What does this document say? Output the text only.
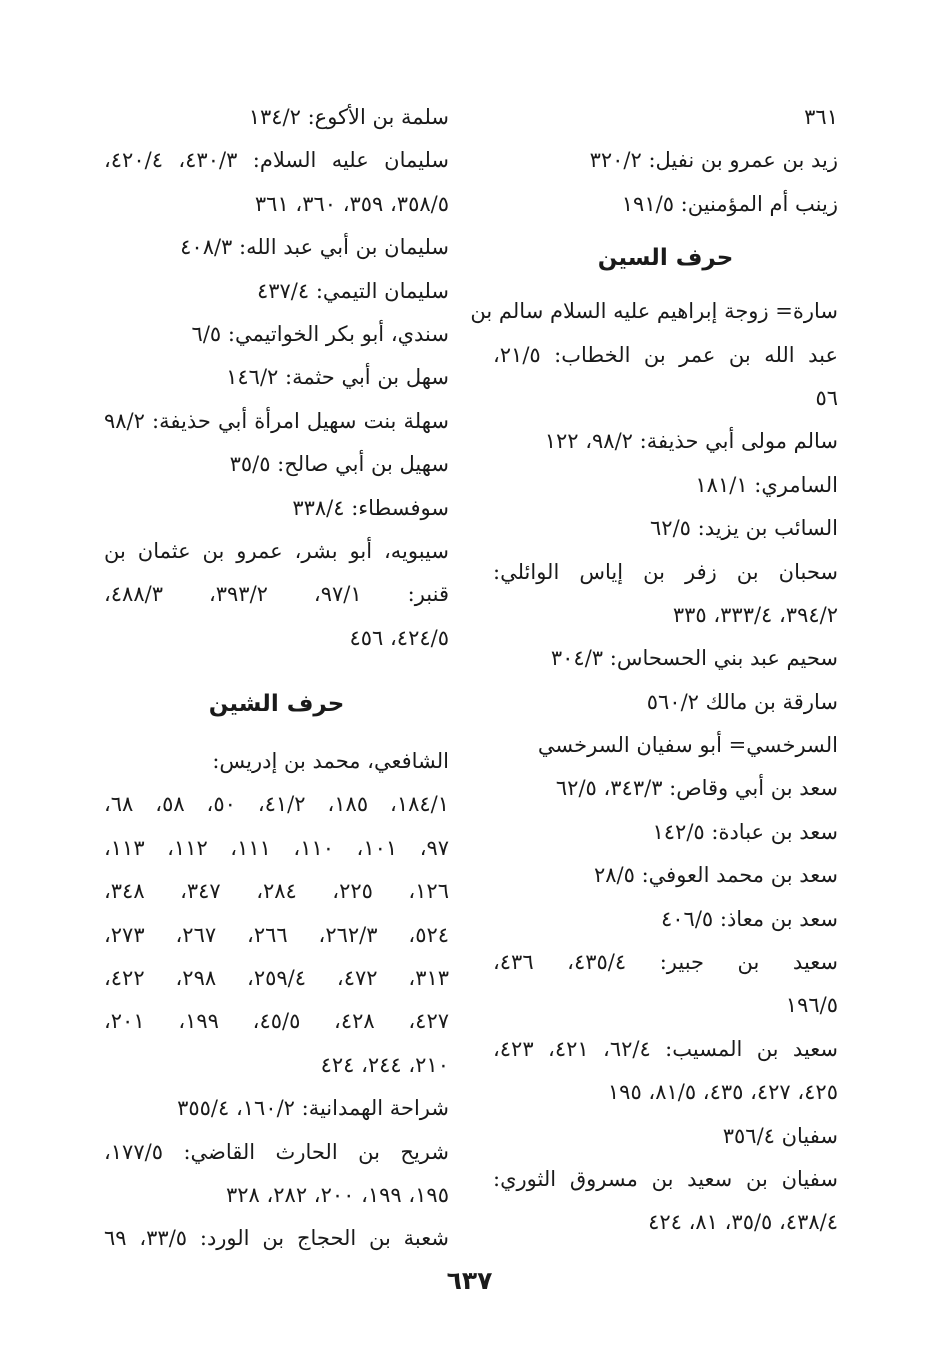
٣٦١
زيد بن عمرو بن نفيل: ٣٢٠/٢
زينب أم المؤمنين: ١٩١/٥
حرف السين
سارة= زوجة إبراهيم عليه السلام سالم بن
عبد الله بن عمر بن الخطاب: ٢١/٥،
٥٦
سالم مولى أبي حذيفة: ٩٨/٢، ١٢٢
السامري: ١٨١/١
السائب بن يزيد: ٦٢/٥
سحبان بن زفر بن إياس الوائلي:
٣٩٤/٢، ٣٣٣/٤، ٣٣٥
سحيم عبد بني الحسحاس: ٣٠٤/٣
سارقة بن مالك ٥٦٠/٢
السرخسي= أبو سفيان السرخسي
سعد بن أبي وقاص: ٣٤٣/٣، ٦٢/٥
سعد بن عبادة: ١٤٢/٥
سعد بن محمد العوفي: ٢٨/٥
سعد بن معاذ: ٤٠٦/٥
سعيد بن جبير: ٤٣٥/٤، ٤٣٦،
١٩٦/٥
سعيد بن المسيب: ٦٢/٤، ٤٢١، ٤٢٣،
٤٢٥، ٤٢٧، ٤٣٥، ٨١/٥، ١٩٥
سفيان ٣٥٦/٤
سفيان بن سعيد بن مسروق الثوري:
٤٣٨/٤، ٣٥/٥، ٨١، ٤٢٤
سلمة بن الأكوع: ١٣٤/٢
سليمان عليه السلام: ٤٣٠/٣، ٤٢٠/٤،
٣٥٨/٥، ٣٥٩، ٣٦٠، ٣٦١
سليمان بن أبي عبد الله: ٤٠٨/٣
سليمان التيمي: ٤٣٧/٤
سندي، أبو بكر الخواتيمي: ٦/٥
سهل بن أبي حثمة: ١٤٦/٢
سهلة بنت سهيل امرأة أبي حذيفة: ٩٨/٢
سهيل بن أبي صالح: ٣٥/٥
سوفسطاء: ٣٣٨/٤
سيبويه، أبو بشر، عمرو بن عثمان بن
قنبر: ٩٧/١، ٣٩٣/٢، ٤٨٨/٣،
٤٢٤/٥، ٤٥٦
حرف الشين
الشافعي، محمد بن إدريس:
١٨٤/١، ١٨٥، ٤١/٢، ٥٠، ٥٨، ٦٨،
٩٧، ١٠١، ١١٠، ١١١، ١١٢، ١١٣،
١٢٦، ٢٢٥، ٢٨٤، ٣٤٧، ٣٤٨،
٥٢٤، ٢٦٢/٣، ٢٦٦، ٢٦٧، ٢٧٣،
٣١٣، ٤٧٢، ٢٥٩/٤، ٢٩٨، ٤٢٢،
٤٢٧، ٤٢٨، ٤٥/٥، ١٩٩، ٢٠١،
٢١٠، ٢٤٤، ٤٢٤
شراحة الهمدانية: ١٦٠/٢، ٣٥٥/٤
شريح بن الحارث القاضي: ١٧٧/٥،
١٩٥، ١٩٩، ٢٠٠، ٢٨٢، ٣٢٨
شعبة بن الحجاج بن الورد: ٣٣/٥، ٦٩
٦٣٧
